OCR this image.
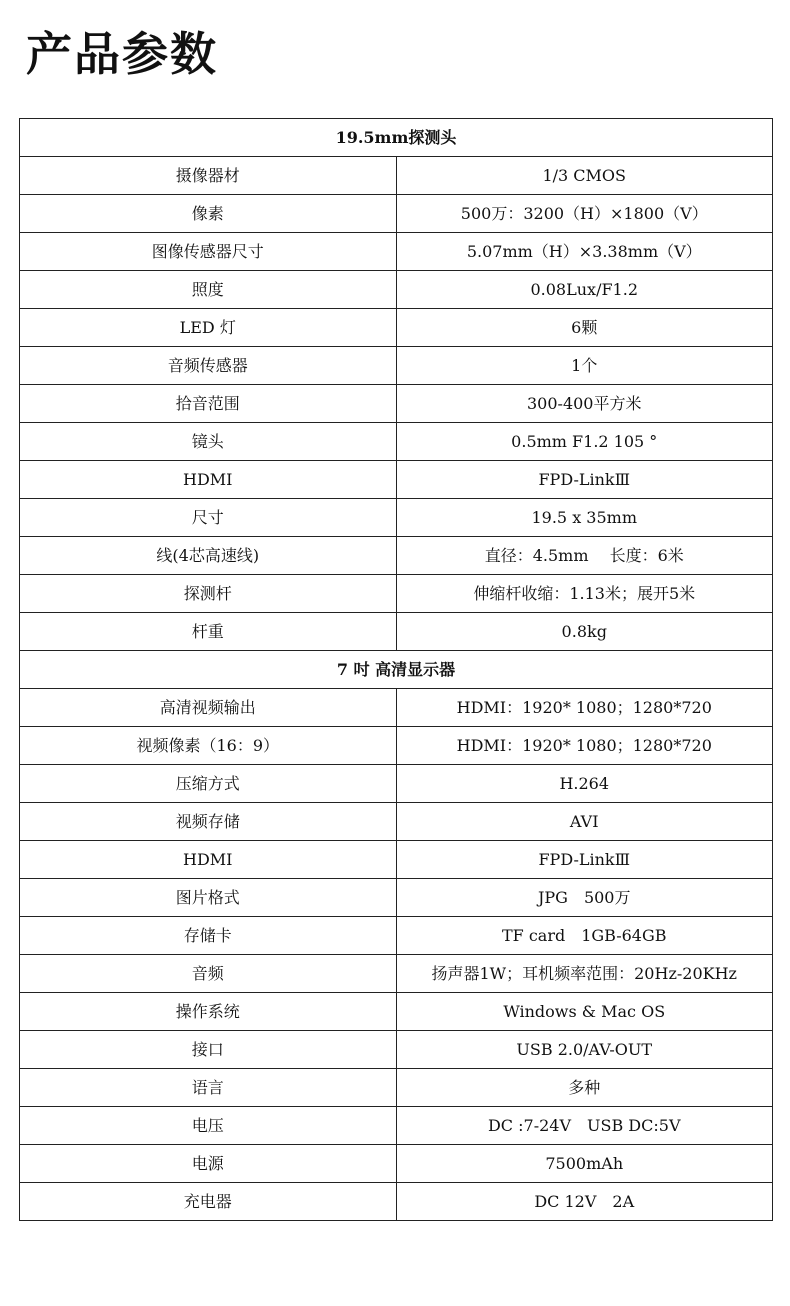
产品参数
19.5mm探测头	
摄像器材	1/3 CMOS
像素	500万：3200（H）×1800（V）
图像传感器尺寸	5.07mm（H）×3.38mm（V）
照度	0.08Lux/F1.2
LED 灯	6颗
音频传感器	1个
拾音范围	300-400平方米
镜头	0.5mm F1.2 105 °
HDMI	FPD-LinkⅢ
尺寸	19.5 x 35mm
线(4芯高速线)	直径：4.5mm　 长度：6米
探测杆	伸缩杆收缩：1.13米；展开5米
杆重	0.8kg
7 吋 高清显示器	
高清视频输出	HDMI：1920* 1080；1280*720
视频像素（16：9）	HDMI：1920* 1080；1280*720
压缩方式	H.264
视频存储	AVI
HDMI	FPD-LinkⅢ
图片格式	JPG　500万
存储卡	TF card　1GB-64GB
音频	扬声器1W；耳机频率范围：20Hz-20KHz
操作系统	Windows & Mac OS
接口	USB 2.0/AV-OUT
语言	多种
电压	DC :7-24V　USB DC:5V
电源	7500mAh
充电器	DC 12V　2A
